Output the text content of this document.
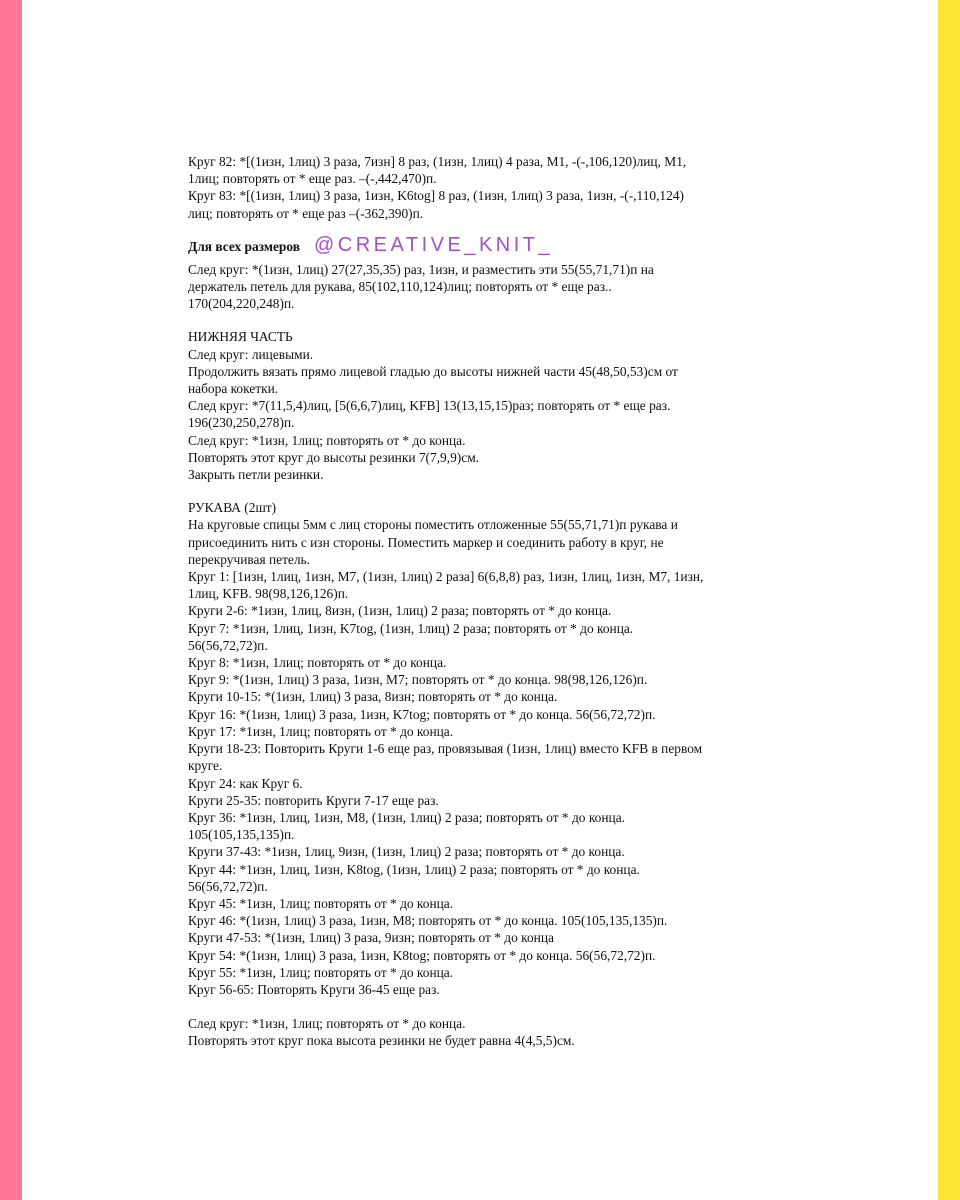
Круг 82: *[(1изн, 1лиц) 3 раза, 7изн] 8 раз, (1изн, 1лиц) 4 раза, М1, -(-,106,120)лиц, М1,
1лиц; повторять от * еще раз. –(-,442,470)п.
Круг 83: *[(1изн, 1лиц) 3 раза, 1изн, K6tog] 8 раз, (1изн, 1лиц) 3 раза, 1изн, -(-,110,124)
лиц; повторять от * еще раз –(-362,390)п.
Для всех размеров @CREATIVE_KNIT_
След круг: *(1изн, 1лиц) 27(27,35,35) раз, 1изн, и разместить эти 55(55,71,71)п на
держатель петель для рукава, 85(102,110,124)лиц; повторять от * еще раз..
170(204,220,248)п.
НИЖНЯЯ ЧАСТЬ
След круг: лицевыми.
Продолжить вязать прямо лицевой гладью до высоты нижней части 45(48,50,53)см от
набора кокетки.
След круг: *7(11,5,4)лиц, [5(6,6,7)лиц, KFB] 13(13,15,15)раз; повторять от * еще раз.
196(230,250,278)п.
След круг: *1изн, 1лиц; повторять от * до конца.
Повторять этот круг до высоты резинки 7(7,9,9)см.
Закрыть петли резинки.
РУКАВА (2шт)
На круговые спицы 5мм с лиц стороны поместить отложенные 55(55,71,71)п рукава и
присоединить нить с изн стороны. Поместить маркер и соединить работу в круг, не
перекручивая петель.
Круг 1: [1изн, 1лиц, 1изн, М7, (1изн, 1лиц) 2 раза] 6(6,8,8) раз, 1изн, 1лиц, 1изн, М7, 1изн,
1лиц, KFB. 98(98,126,126)п.
Круги 2-6: *1изн, 1лиц, 8изн, (1изн, 1лиц) 2 раза; повторять от * до конца.
Круг 7: *1изн, 1лиц, 1изн, K7tog, (1изн, 1лиц) 2 раза; повторять от * до конца.
56(56,72,72)п.
Круг 8: *1изн, 1лиц; повторять от * до конца.
Круг 9: *(1изн, 1лиц) 3 раза, 1изн, М7; повторять от * до конца. 98(98,126,126)п.
Круги 10-15: *(1изн, 1лиц) 3 раза, 8изн; повторять от * до конца.
Круг 16: *(1изн, 1лиц) 3 раза, 1изн, K7tog; повторять от * до конца. 56(56,72,72)п.
Круг 17: *1изн, 1лиц; повторять от * до конца.
Круги 18-23: Повторить Круги 1-6 еще раз, провязывая (1изн, 1лиц) вместо KFB в первом
круге.
Круг 24: как Круг 6.
Круги 25-35: повторить Круги 7-17 еще раз.
Круг 36: *1изн, 1лиц, 1изн, М8, (1изн, 1лиц) 2 раза; повторять от * до конца.
105(105,135,135)п.
Круги 37-43: *1изн, 1лиц, 9изн, (1изн, 1лиц) 2 раза; повторять от * до конца.
Круг 44: *1изн, 1лиц, 1изн, K8tog, (1изн, 1лиц) 2 раза; повторять от * до конца.
56(56,72,72)п.
Круг 45: *1изн, 1лиц; повторять от * до конца.
Круг 46: *(1изн, 1лиц) 3 раза, 1изн, М8; повторять от * до конца. 105(105,135,135)п.
Круги 47-53: *(1изн, 1лиц) 3 раза, 9изн; повторять от * до конца
Круг 54: *(1изн, 1лиц) 3 раза, 1изн, K8tog; повторять от * до конца. 56(56,72,72)п.
Круг 55: *1изн, 1лиц; повторять от * до конца.
Круг 56-65: Повторять Круги 36-45 еще раз.
След круг: *1изн, 1лиц; повторять от * до конца.
Повторять этот круг пока высота резинки не будет равна 4(4,5,5)см.
